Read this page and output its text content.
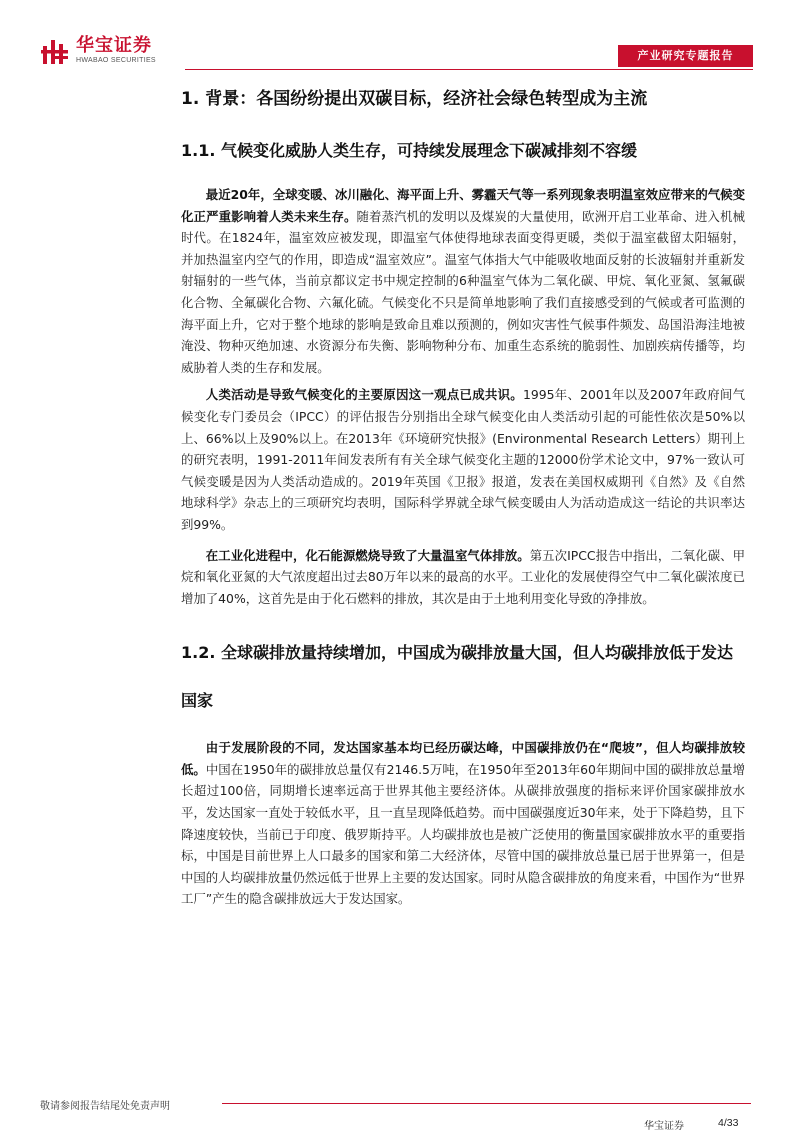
华宝证券
HWABAO SECURITIES	产业研究专题报告
1. 背景：各国纷纷提出双碳目标，经济社会绿色转型成为主流
1.1. 气候变化威胁人类生存，可持续发展理念下碳减排刻不容缓

最近20年，全球变暖、冰川融化、海平面上升、雾霾天气等一系列现象表明温室效应带来的气候变化正严重影响着人类未来生存。随着蒸汽机的发明以及煤炭的大量使用，欧洲开启工业革命、进入机械时代。在1824年，温室效应被发现，即温室气体使得地球表面变得更暖，类似于温室截留太阳辐射，并加热温室内空气的作用，即造成“温室效应”。温室气体指大气中能吸收地面反射的长波辐射并重新发射辐射的一些气体，当前京都议定书中规定控制的6种温室气体为二氧化碳、甲烷、氧化亚氮、氢氟碳化合物、全氟碳化合物、六氟化硫。气候变化不只是简单地影响了我们直接感受到的气候或者可监测的海平面上升，它对于整个地球的影响是致命且难以预测的，例如灾害性气候事件频发、岛国沿海洼地被淹没、物种灭绝加速、水资源分布失衡、影响物种分布、加重生态系统的脆弱性、加剧疾病传播等，均威胁着人类的生存和发展。

人类活动是导致气候变化的主要原因这一观点已成共识。1995年、2001年以及2007年政府间气候变化专门委员会（IPCC）的评估报告分别指出全球气候变化由人类活动引起的可能性依次是50%以上、66%以上及90%以上。在2013年《环境研究快报》(Environmental Research Letters）期刊上的研究表明，1991-2011年间发表所有有关全球气候变化主题的12000份学术论文中，97%一致认可气候变暖是因为人类活动造成的。2019年英国《卫报》报道，发表在美国权威期刊《自然》及《自然地球科学》杂志上的三项研究均表明，国际科学界就全球气候变暖由人为活动造成这一结论的共识率达到99%。

在工业化进程中，化石能源燃烧导致了大量温室气体排放。第五次IPCC报告中指出，二氧化碳、甲烷和氧化亚氮的大气浓度超出过去80万年以来的最高的水平。工业化的发展使得空气中二氧化碳浓度已增加了40%，这首先是由于化石燃料的排放，其次是由于土地利用变化导致的净排放。

1.2. 全球碳排放量持续增加，中国成为碳排放量大国，但人均碳排放低于发达国家

由于发展阶段的不同，发达国家基本均已经历碳达峰，中国碳排放仍在“爬坡”，但人均碳排放较低。中国在1950年的碳排放总量仅有2146.5万吨，在1950年至2013年60年期间中国的碳排放总量增长超过100倍，同期增长速率远高于世界其他主要经济体。从碳排放强度的指标来评价国家碳排放水平，发达国家一直处于较低水平，且一直呈现降低趋势。而中国碳强度近30年来，处于下降趋势，且下降速度较快，当前已于印度、俄罗斯持平。人均碳排放也是被广泛使用的衡量国家碳排放水平的重要指标，中国是目前世界上人口最多的国家和第二大经济体，尽管中国的碳排放总量已居于世界第一，但是中国的人均碳排放量仍然远低于世界上主要的发达国家。同时从隐含碳排放的角度来看，中国作为“世界工厂”产生的隐含碳排放远大于发达国家。

敬请参阅报告结尾处免责声明
华宝证券	4/33
